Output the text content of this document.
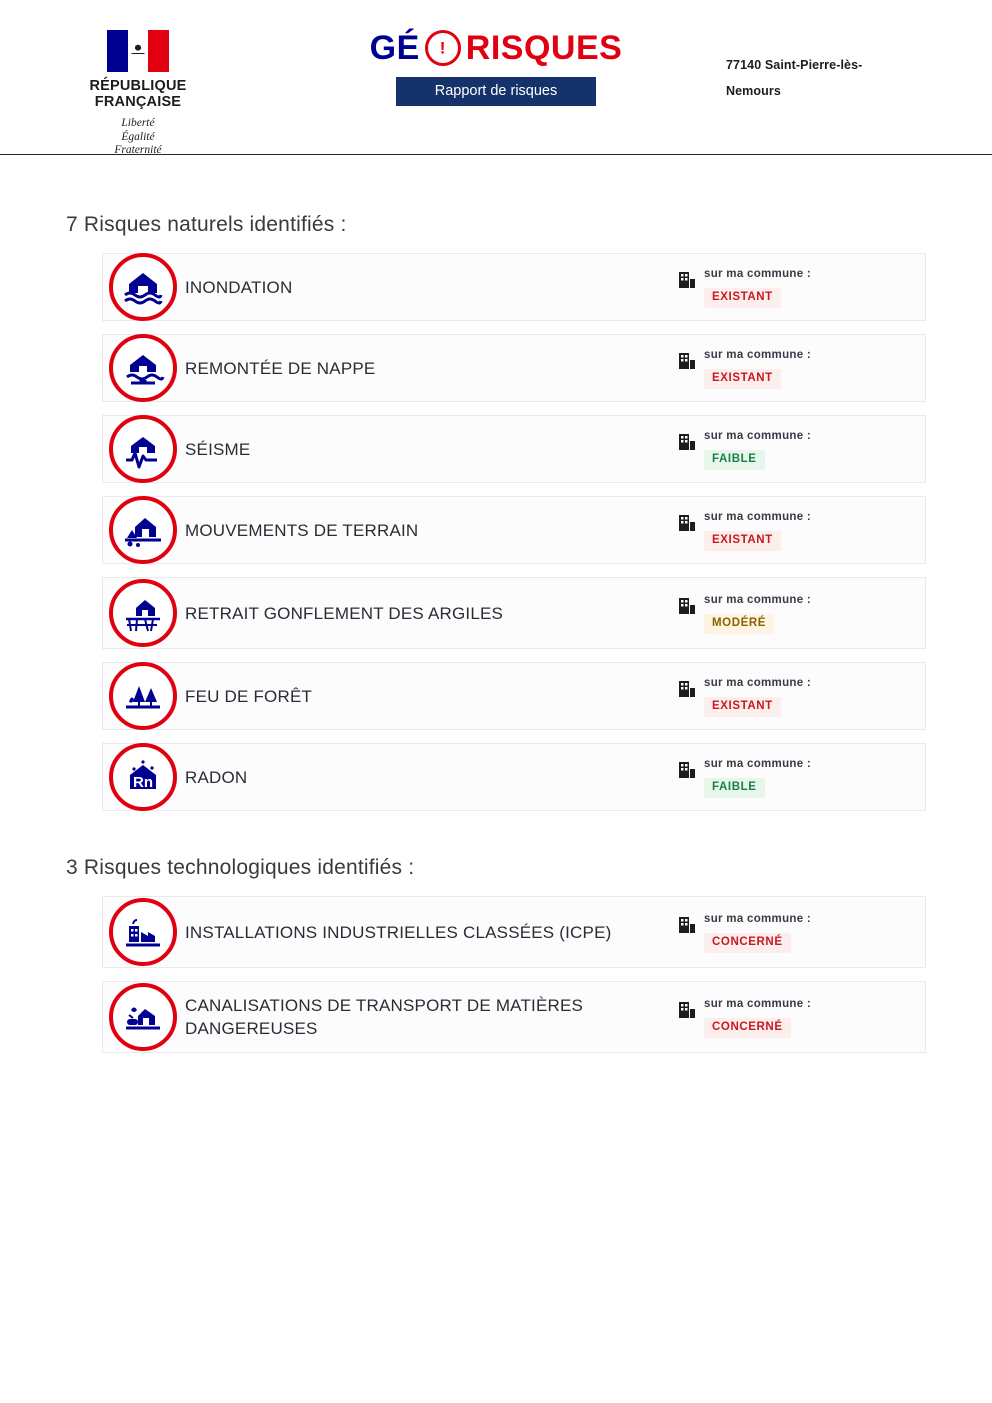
RÉPUBLIQUE
FRANÇAISE
Liberté
Égalité
Fraternité
GÉ ! RISQUES
Rapport de risques
77140 Saint-Pierre-lès-
Nemours
7 Risques naturels identifiés :
INONDATION
sur ma commune :
EXISTANT
REMONTÉE DE NAPPE
sur ma commune :
EXISTANT
SÉISME
sur ma commune :
FAIBLE
MOUVEMENTS DE TERRAIN
sur ma commune :
EXISTANT
RETRAIT GONFLEMENT DES ARGILES
sur ma commune :
MODÉRÉ
FEU DE FORÊT
sur ma commune :
EXISTANT
Rn RADON
sur ma commune :
FAIBLE
3 Risques technologiques identifiés :
INSTALLATIONS INDUSTRIELLES CLASSÉES (ICPE)
sur ma commune :
CONCERNÉ
CANALISATIONS DE TRANSPORT DE MATIÈRES DANGEREUSES
sur ma commune :
CONCERNÉ
